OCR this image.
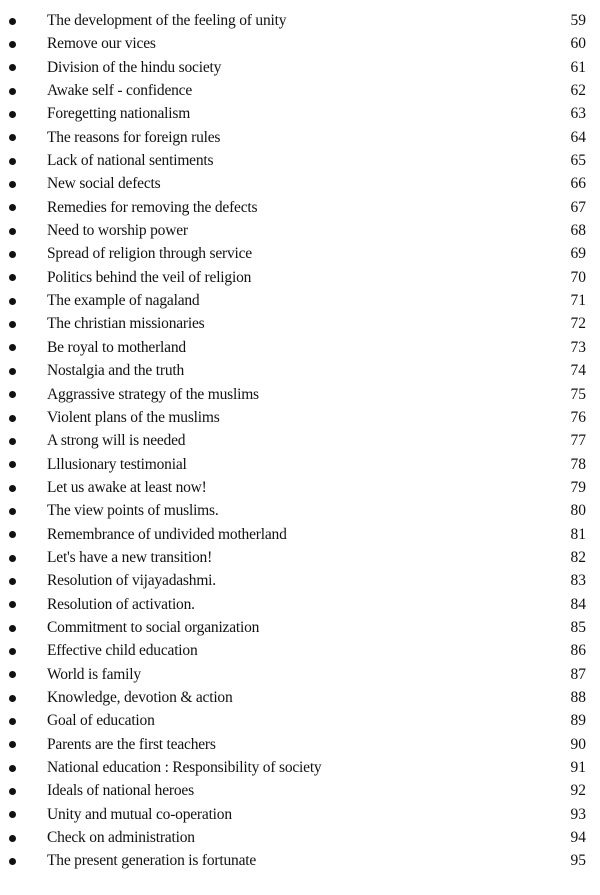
The development of the feeling of unity	59
Remove our vices	60
Division of the hindu society	61
Awake self - confidence	62
Foregetting nationalism	63
The reasons for foreign rules	64
Lack of national sentiments	65
New social defects	66
Remedies for removing the defects	67
Need to worship power	68
Spread of religion through service	69
Politics behind the veil of religion	70
The example of nagaland	71
The christian missionaries	72
Be royal to motherland	73
Nostalgia and the truth	74
Aggrassive strategy of the muslims	75
Violent plans of the muslims	76
A strong will is needed	77
Lllusionary testimonial	78
Let us awake at least now!	79
The view points of muslims.	80
Remembrance of undivided motherland	81
Let's have a new transition!	82
Resolution of vijayadashmi.	83
Resolution of activation.	84
Commitment to social organization	85
Effective child education	86
World is family	87
Knowledge, devotion & action	88
Goal of education	89
Parents are the first teachers	90
National education : Responsibility of society	91
Ideals of national heroes	92
Unity and mutual co-operation	93
Check on administration	94
The present generation is fortunate	95
